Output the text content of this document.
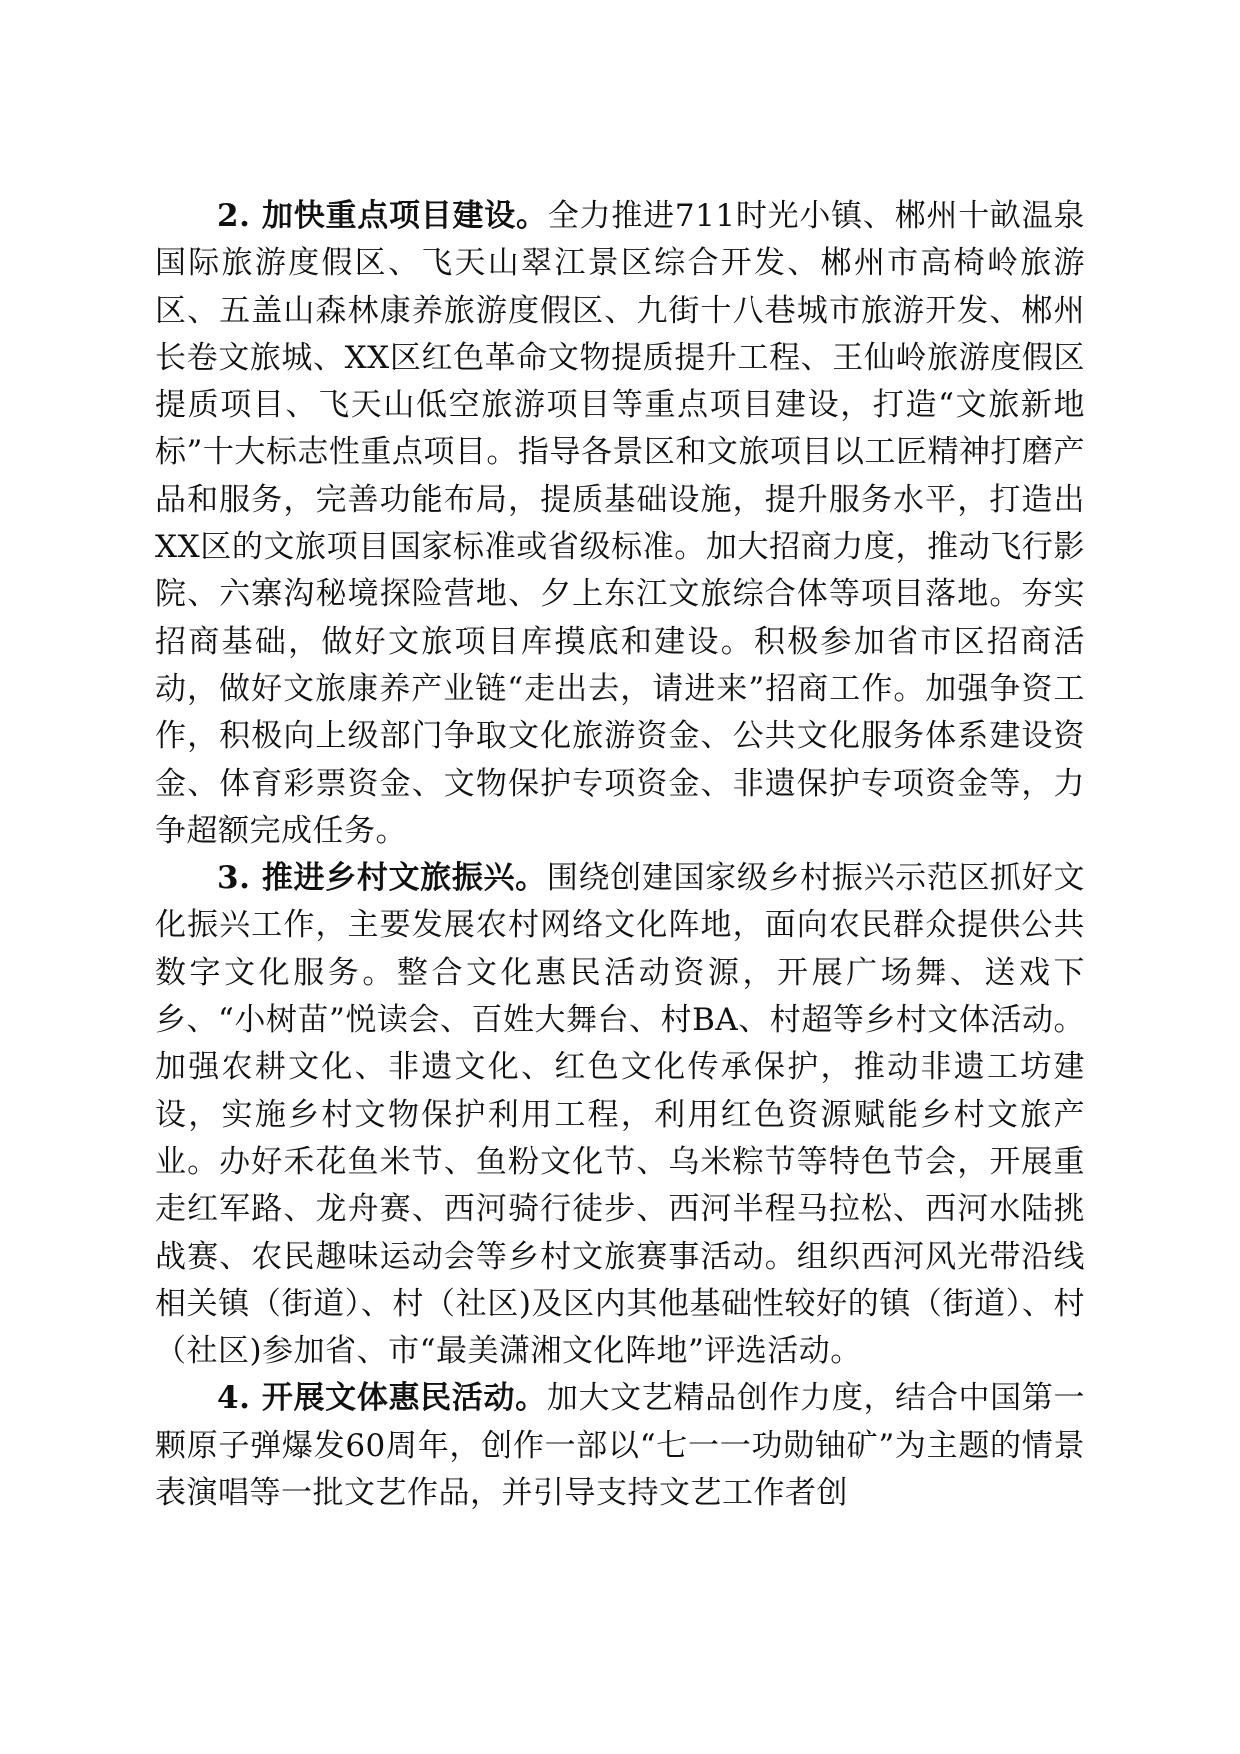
2. 加快重点项目建设。全力推进711时光小镇、郴州十畝温泉国际旅游度假区、飞天山翠江景区综合开发、郴州市高椅岭旅游区、五盖山森林康养旅游度假区、九街十八巷城市旅游开发、郴州长卷文旅城、XX区红色革命文物提质提升工程、王仙岭旅游度假区提质项目、飞天山低空旅游项目等重点项目建设，打造“文旅新地标”十大标志性重点项目。指导各景区和文旅项目以工匠精神打磨产品和服务，完善功能布局，提质基础设施，提升服务水平，打造出XX区的文旅项目国家标准或省级标准。加大招商力度，推动飞行影院、六寨沟秘境探险营地、夕上东江文旅综合体等项目落地。夯实招商基础，做好文旅项目库摸底和建设。积极参加省市区招商活动，做好文旅康养产业链“走出去，请进来”招商工作。加强争资工作，积极向上级部门争取文化旅游资金、公共文化服务体系建设资金、体育彩票资金、文物保护专项资金、非遗保护专项资金等，力争超额完成任务。

3. 推进乡村文旅振兴。围绕创建国家级乡村振兴示范区抓好文化振兴工作，主要发展农村网络文化阵地，面向农民群众提供公共数字文化服务。整合文化惠民活动资源，开展广场舞、送戏下乡、“小树苗”悦读会、百姓大舞台、村BA、村超等乡村文体活动。加强农耕文化、非遗文化、红色文化传承保护，推动非遗工坊建设，实施乡村文物保护利用工程，利用红色资源赋能乡村文旅产业。办好禾花鱼米节、鱼粉文化节、乌米粽节等特色节会，开展重走红军路、龙舟赛、西河骑行徒步、西河半程马拉松、西河水陆挑战赛、农民趣味运动会等乡村文旅赛事活动。组织西河风光带沿线相关镇（街道）、村（社区)及区内其他基础性较好的镇（街道）、村（社区)参加省、市“最美潇湘文化阵地”评选活动。

4. 开展文体惠民活动。加大文艺精品创作力度，结合中国第一颗原子弹爆发60周年，创作一部以“七一一功勋铀矿”为主题的情景表演唱等一批文艺作品，并引导支持文艺工作者创
